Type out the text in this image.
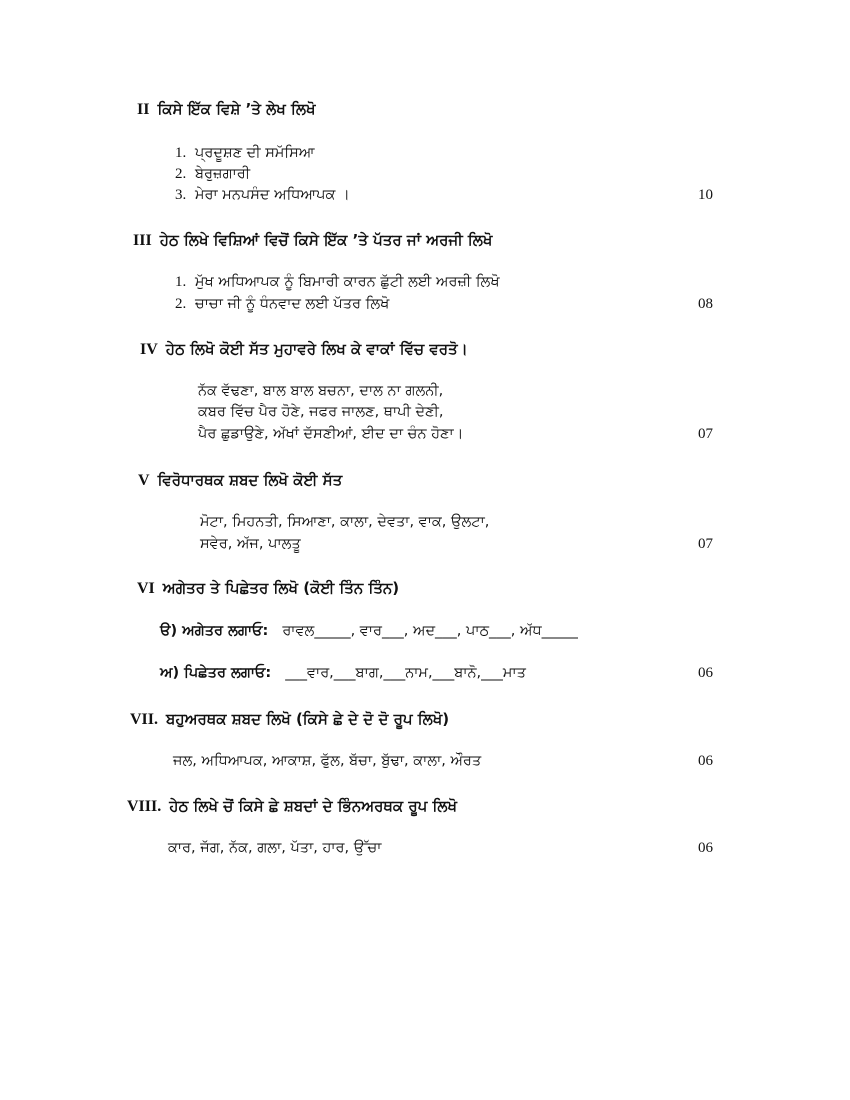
II ਕਿਸੇ ਇੱਕ ਵਿਸ਼ੇ ’ਤੇ ਲੇਖ ਲਿਖੋ
1. ਪ੍ਰਦੂਸ਼ਣ ਦੀ ਸਮੱਸਿਆ
2. ਬੇਰੁਜ਼ਗਾਰੀ
3. ਮੇਰਾ ਮਨਪਸੰਦ ਅਧਿਆਪਕ ।	10
III ਹੇਠ ਲਿਖੇ ਵਿਸ਼ਿਆਂ ਵਿਚੋਂ ਕਿਸੇ ਇੱਕ ’ਤੇ ਪੱਤਰ ਜਾਂ ਅਰਜੀ ਲਿਖੋ
1. ਮੁੱਖ ਅਧਿਆਪਕ ਨੂੰ ਬਿਮਾਰੀ ਕਾਰਨ ਛੁੱਟੀ ਲਈ ਅਰਜ਼ੀ ਲਿਖੋ
2. ਚਾਚਾ ਜੀ ਨੂੰ ਧੰਨਵਾਦ ਲਈ ਪੱਤਰ ਲਿਖੋ	08
IV ਹੇਠ ਲਿਖੋ ਕੋਈ ਸੱਤ ਮੁਹਾਵਰੇ ਲਿਖ ਕੇ ਵਾਕਾਂ ਵਿੱਚ ਵਰਤੋ।
ਨੱਕ ਵੱਢਣਾ, ਬਾਲ ਬਾਲ ਬਚਨਾ, ਦਾਲ ਨਾ ਗਲਨੀ,
ਕਬਰ ਵਿੱਚ ਪੈਰ ਹੋਣੇ, ਜਫਰ ਜਾਲਣ, ਥਾਪੀ ਦੇਣੀ,
ਪੈਰ ਛੁਡਾਉਣੇ, ਅੱਖਾਂ ਦੱਸਣੀਆਂ, ਈਦ ਦਾ ਚੰਨ ਹੋਣਾ।	07
V ਵਿਰੋਧਾਰਥਕ ਸ਼ਬਦ ਲਿਖੋ ਕੋਈ ਸੱਤ
ਮੋਟਾ, ਮਿਹਨਤੀ, ਸਿਆਣਾ, ਕਾਲਾ, ਦੇਵਤਾ, ਵਾਕ, ਉਲਟਾ,
ਸਵੇਰ, ਅੱਜ, ਪਾਲਤੂ	07
VI ਅਗੇਤਰ ਤੇ ਪਿਛੇਤਰ ਲਿਖੋ (ਕੋਈ ਤਿੰਨ ਤਿੰਨ)
ੳ) ਅਗੇਤਰ ਲਗਾਓ: ਰਾਵਲ_____, ਵਾਰ___, ਅਦ___, ਪਾਠ___, ਅੱਧ_____
ਅ) ਪਿਛੇਤਰ ਲਗਾਓ: ___ਵਾਰ,___ਬਾਗ,___ਨਾਮ,___ਬਾਨੋ,___ਮਾਤ	06
VII. ਬਹੁਅਰਥਕ ਸ਼ਬਦ ਲਿਖੋ (ਕਿਸੇ ਛੇ ਦੇ ਦੋ ਦੋ ਰੂਪ ਲਿਖੋ)
ਜਲ, ਅਧਿਆਪਕ, ਆਕਾਸ਼, ਫੁੱਲ, ਬੱਚਾ, ਬੁੱਢਾ, ਕਾਲਾ, ਔਰਤ	06
VIII. ਹੇਠ ਲਿਖੇ ਚੋਂ ਕਿਸੇ ਛੇ ਸ਼ਬਦਾਂ ਦੇ ਭਿੰਨਅਰਥਕ ਰੂਪ ਲਿਖੋ
ਕਾਰ, ਜੱਗ, ਨੱਕ, ਗਲਾ, ਪੱਤਾ, ਹਾਰ, ਉੱਚਾ	06
